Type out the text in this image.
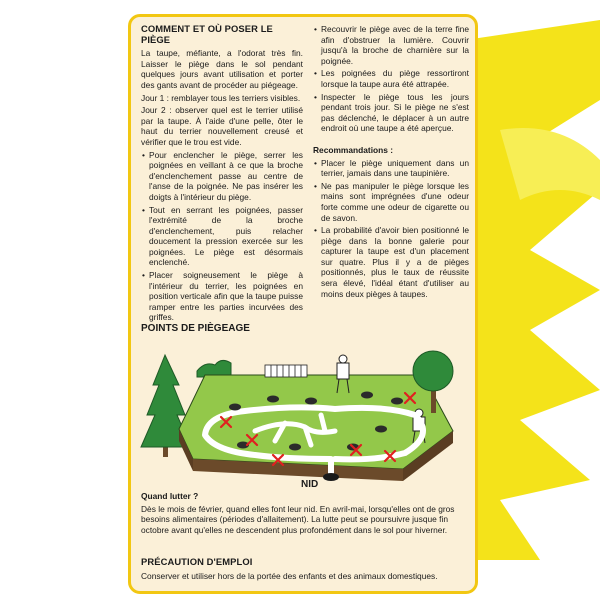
COMMENT ET OÙ POSER LE PIÈGE

La taupe, méfiante, a l'odorat très fin. Laisser le piège dans le sol pendant quelques jours avant utilisation et porter des gants avant de procéder au piégeage.

Jour 1 : remblayer tous les terriers visibles.

Jour 2 : observer quel est le terrier utilisé par la taupe. À l'aide d'une pelle, ôter le haut du terrier nouvellement creusé et vérifier que le trou est vide.

• Pour enclencher le piège, serrer les poignées en veillant à ce que la broche d'enclenchement passe au centre de l'anse de la poignée. Ne pas insérer les doigts à l'intérieur du piège.
• Tout en serrant les poignées, passer l'extrémité de la broche d'enclenchement, puis relacher doucement la pression exercée sur les poignées. Le piège est désormais enclenché.
• Placer soigneusement le piège à l'intérieur du terrier, les poignées en position verticale afin que la taupe puisse ramper entre les parties incurvées des griffes.
• Recouvrir le piège avec de la terre fine afin d'obstruer la lumière. Couvrir jusqu'à la broche de charnière sur la poignée.
• Les poignées du piège ressortiront lorsque la taupe aura été attrapée.
• Inspecter le piège tous les jours pendant trois jour. Si le piège ne s'est pas déclenché, le déplacer à un autre endroit où une taupe a été aperçue.
Recommandations :
• Placer le piège uniquement dans un terrier, jamais dans une taupinière.
• Ne pas manipuler le piège lorsque les mains sont imprégnées d'une odeur forte comme une odeur de cigarette ou de savon.
• La probabilité d'avoir bien positionné le piège dans la bonne galerie pour capturer la taupe est d'un placement sur quatre. Plus il y a de pièges positionnés, plus le taux de réussite sera élevé, l'idéal étant d'utiliser au moins deux pièges à taupes.
POINTS DE PIÈGEAGE
NID
Quand lutter ?

Dès le mois de février, quand elles font leur nid. En avril-mai, lorsqu'elles ont de gros besoins alimentaires (périodes d'allaitement). La lutte peut se poursuivre jusque fin octobre avant qu'elles ne descendent plus profondément dans le sol pour hiverner.

PRÉCAUTION D'EMPLOI

Conserver et utiliser hors de la portée des enfants et des animaux domestiques.
